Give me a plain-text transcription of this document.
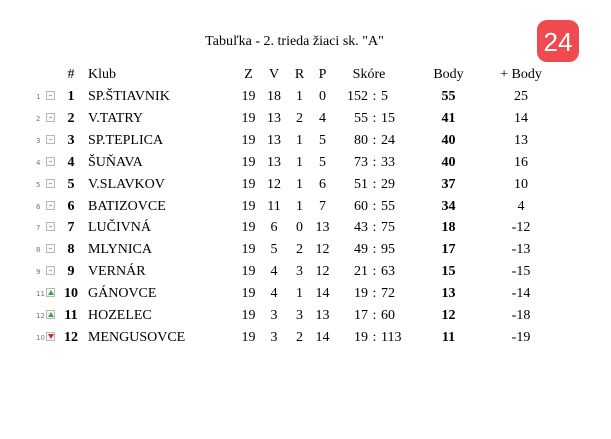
24
Tabuľka - 2. trieda žiaci sk. "A"
	#	Klub	Z	V	R	P	Skóre			Body	+ Body

1	1	SP.ŠTIAVNIK	19	18	1	0	152	:	5	55	25

2	2	V.TATRY	19	13	2	4	55	:	15	41	14

3	3	SP.TEPLICA	19	13	1	5	80	:	24	40	13

4	4	ŠUŇAVA	19	13	1	5	73	:	33	40	16

5	5	V.SLAVKOV	19	12	1	6	51	:	29	37	10

6	6	BATIZOVCE	19	11	1	7	60	:	55	34	4

7	7	LUČIVNÁ	19	6	0	13	43	:	75	18	-12

8	8	MLYNICA	19	5	2	12	49	:	95	17	-13

9	9	VERNÁR	19	4	3	12	21	:	63	15	-15

11	10	GÁNOVCE	19	4	1	14	19	:	72	13	-14

12	11	HOZELEC	19	3	3	13	17	:	60	12	-18

10	12	MENGUSOVCE	19	3	2	14	19	:	113	11	-19
